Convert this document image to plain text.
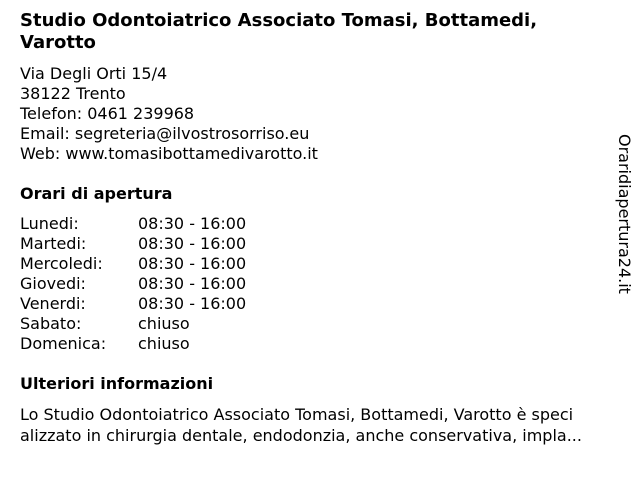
Studio Odontoiatrico Associato Tomasi, Bottamedi, Varotto
Via Degli Orti 15/4
38122 Trento
Telefon: 0461 239968
Email: segreteria@ilvostrosorriso.eu
Web: www.tomasibottamedivarotto.it
Orari di apertura
Lunedi:	08:30 - 16:00
Martedi:	08:30 - 16:00
Mercoledi: 08:30 - 16:00
Giovedi:	08:30 - 16:00
Venerdi:	08:30 - 16:00
Sabato:	chiuso
Domenica: chiuso
Ulteriori informazioni

Lo Studio Odontoiatrico Associato Tomasi, Bottamedi, Varotto è speci
alizzato in chirurgia dentale, endodonzia, anche conservativa, impla...

Oraridiapertura24.it
